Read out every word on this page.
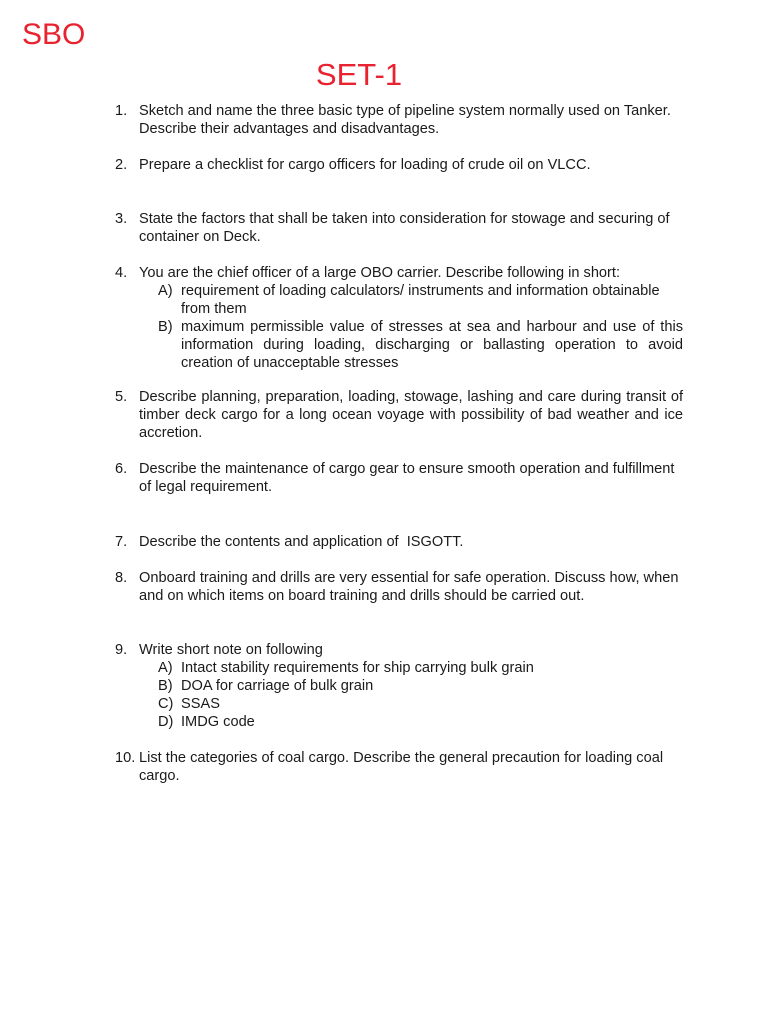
SBO
SET-1
1. Sketch and name the three basic type of pipeline system normally used on Tanker. Describe their advantages and disadvantages.
2. Prepare a checklist for cargo officers for loading of crude oil on VLCC.
3. State the factors that shall be taken into consideration for stowage and securing of container on Deck.
4. You are the chief officer of a large OBO carrier. Describe following in short:
A) requirement of loading calculators/ instruments and information obtainable from them
B) maximum permissible value of stresses at sea and harbour and use of this information during loading, discharging or ballasting operation to avoid creation of unacceptable stresses
5. Describe planning, preparation, loading, stowage, lashing and care during transit of timber deck cargo for a long ocean voyage with possibility of bad weather and ice accretion.
6. Describe the maintenance of cargo gear to ensure smooth operation and fulfillment of legal requirement.
7. Describe the contents and application of  ISGOTT.
8. Onboard training and drills are very essential for safe operation. Discuss how, when and on which items on board training and drills should be carried out.
9. Write short note on following
A) Intact stability requirements for ship carrying bulk grain
B) DOA for carriage of bulk grain
C) SSAS
D) IMDG code
10. List the categories of coal cargo. Describe the general precaution for loading coal cargo.
